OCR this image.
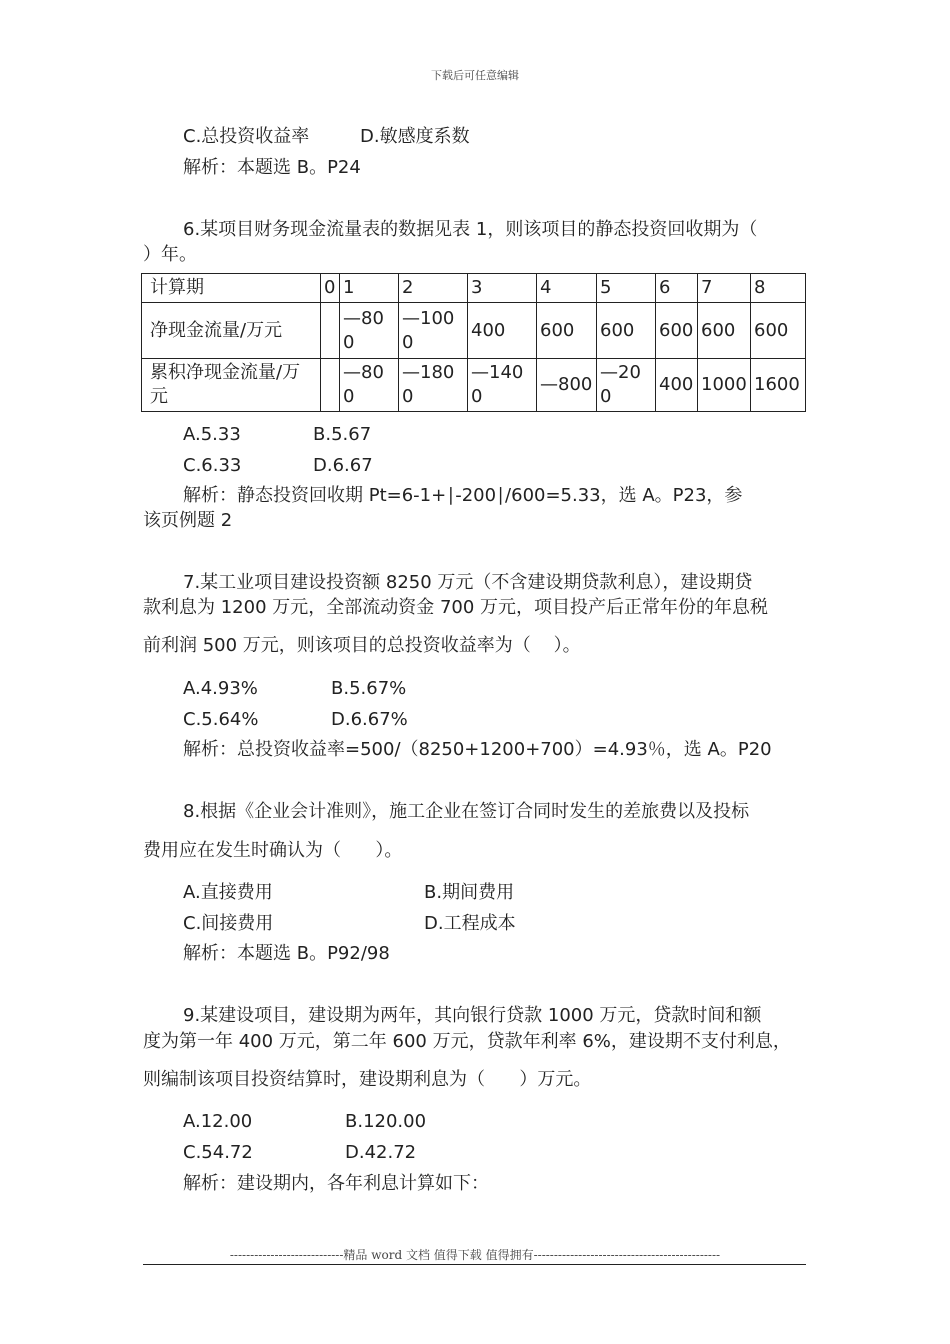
下载后可任意编辑
C.总投资收益率	D.敏感度系数
解析：本题选 B。P24
6.某项目财务现金流量表的数据见表 1，则该项目的静态投资回收期为（
）年。
计算期	0	1	2	3	4	5	6	7	8
净现金流量/万元		—800	—1000	400	600	600	600	600	600
累积净现金流量/万元		—800	—1800	—1400	—800	—200	400	1000	1600
A.5.33	B.5.67
C.6.33	D.6.67
解析：静态投资回收期 Pt=6-1+∣-200∣/600=5.33，选 A。P23，参
该页例题 2
7.某工业项目建设投资额 8250 万元（不含建设期贷款利息），建设期贷
款利息为 1200 万元，全部流动资金 700 万元，项目投产后正常年份的年息税
前利润 500 万元，则该项目的总投资收益率为（    ）。
A.4.93%	B.5.67%
C.5.64%	D.6.67%
解析：总投资收益率=500/（8250+1200+700）=4.93％，选 A。P20
8.根据《企业会计准则》，施工企业在签订合同时发生的差旅费以及投标
费用应在发生时确认为（      ）。
A.直接费用	B.期间费用
C.间接费用	D.工程成本
解析：本题选 B。P92/98
9.某建设项目，建设期为两年，其向银行贷款 1000 万元，贷款时间和额
度为第一年 400 万元，第二年 600 万元，贷款年利率 6%，建设期不支付利息，
则编制该项目投资结算时，建设期利息为（      ）万元。
A.12.00	B.120.00
C.54.72	D.42.72
解析：建设期内，各年利息计算如下：
----------------------------精品 word 文档 值得下载 值得拥有----------------------------------------------
